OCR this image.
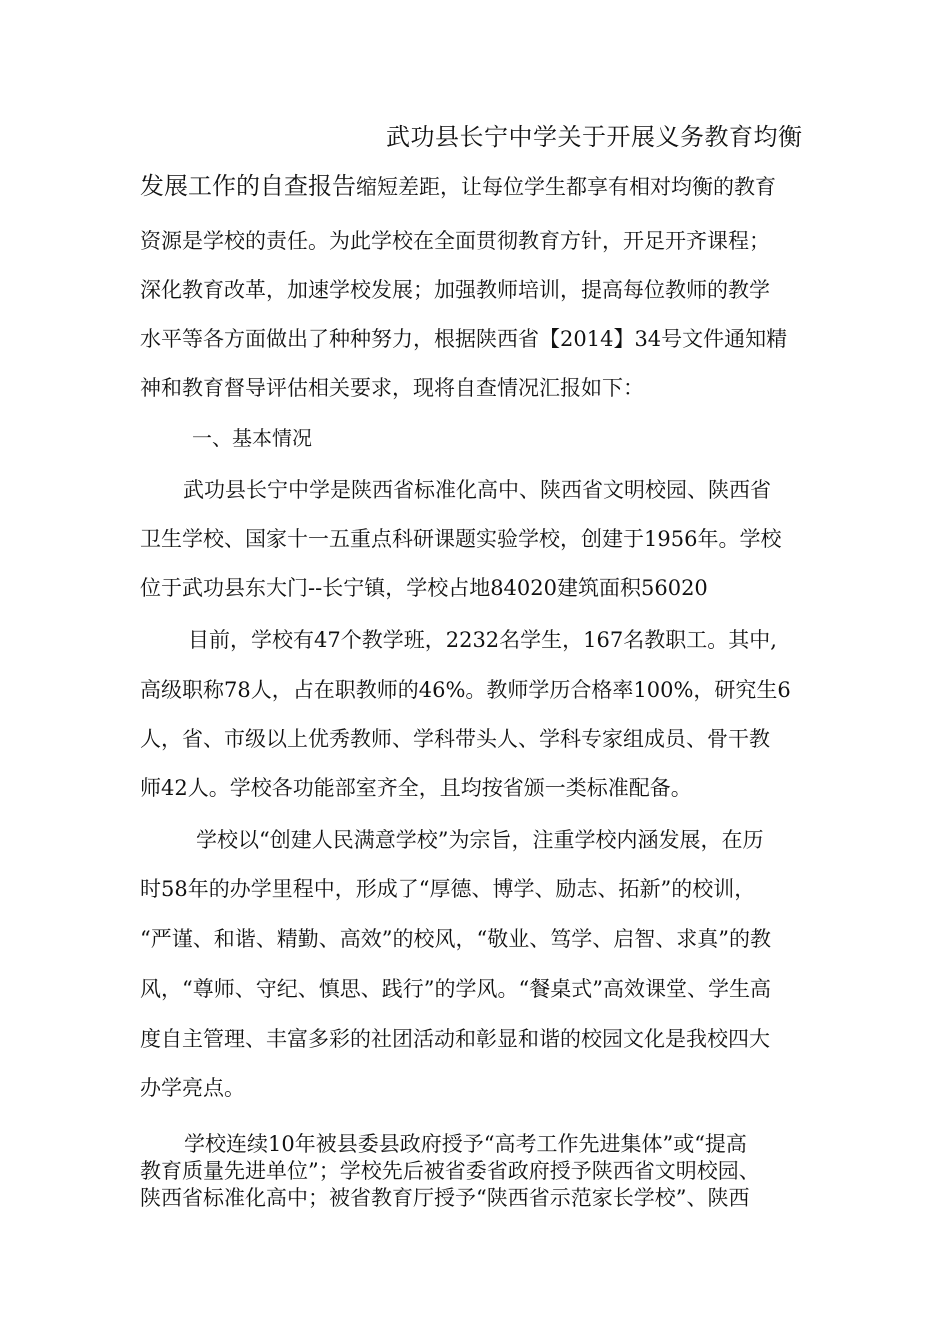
武功县长宁中学关于开展义务教育均衡
发展工作的自查报告缩短差距，让每位学生都享有相对均衡的教育
资源是学校的责任。为此学校在全面贯彻教育方针，开足开齐课程；
深化教育改革，加速学校发展；加强教师培训，提高每位教师的教学
水平等各方面做出了种种努力，根据陕西省【2014】34号文件通知精
神和教育督导评估相关要求，现将自查情况汇报如下：
一、基本情况
武功县长宁中学是陕西省标准化高中、陕西省文明校园、陕西省
卫生学校、国家十一五重点科研课题实验学校，创建于1956年。学校
位于武功县东大门--长宁镇，学校占地84020建筑面积56020
目前，学校有47个教学班，2232名学生，167名教职工。其中,
高级职称78人，占在职教师的46%。教师学历合格率100%，研究生6
人，省、市级以上优秀教师、学科带头人、学科专家组成员、骨干教
师42人。学校各功能部室齐全，且均按省颁一类标准配备。
学校以“创建人民满意学校”为宗旨，注重学校内涵发展，在历
时58年的办学里程中，形成了“厚德、博学、励志、拓新”的校训，
“严谨、和谐、精勤、高效”的校风，“敬业、笃学、启智、求真”的教
风，“尊师、守纪、慎思、践行”的学风。“餐桌式”高效课堂、学生高
度自主管理、丰富多彩的社团活动和彰显和谐的校园文化是我校四大
办学亮点。
学校连续10年被县委县政府授予“高考工作先进集体”或“提高
教育质量先进单位”；学校先后被省委省政府授予陕西省文明校园、
陕西省标准化高中；被省教育厅授予“陕西省示范家长学校”、陕西
